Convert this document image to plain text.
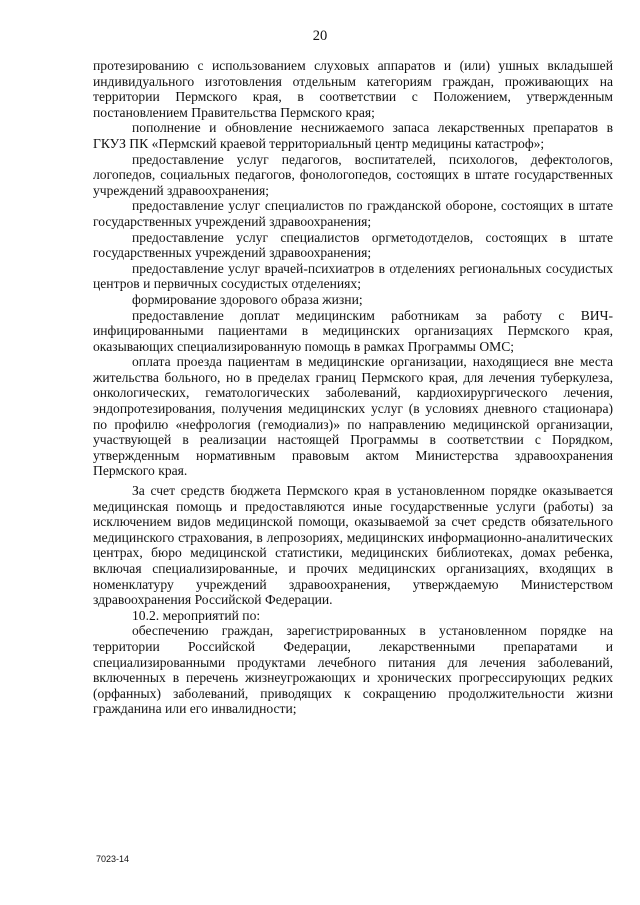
20

протезированию с использованием слуховых аппаратов и (или) ушных вкладышей индивидуального изготовления отдельным категориям граждан, проживающих на территории Пермского края, в соответствии с Положением, утвержденным постановлением Правительства Пермского края;

пополнение и обновление неснижаемого запаса лекарственных препаратов в ГКУЗ ПК «Пермский краевой территориальный центр медицины катастроф»;

предоставление услуг педагогов, воспитателей, психологов, дефектологов, логопедов, социальных педагогов, фонологопедов, состоящих в штате государственных учреждений здравоохранения;

предоставление услуг специалистов по гражданской обороне, состоящих в штате государственных учреждений здравоохранения;

предоставление услуг специалистов оргметодотделов, состоящих в штате государственных учреждений здравоохранения;

предоставление услуг врачей-психиатров в отделениях региональных сосудистых центров и первичных сосудистых отделениях;

формирование здорового образа жизни;

предоставление доплат медицинским работникам за работу с ВИЧ-инфицированными пациентами в медицинских организациях Пермского края, оказывающих специализированную помощь в рамках Программы ОМС;

оплата проезда пациентам в медицинские организации, находящиеся вне места жительства больного, но в пределах границ Пермского края, для лечения туберкулеза, онкологических, гематологических заболеваний, кардиохирургического лечения, эндопротезирования, получения медицинских услуг (в условиях дневного стационара) по профилю «нефрология (гемодиализ)» по направлению медицинской организации, участвующей в реализации настоящей Программы в соответствии с Порядком, утвержденным нормативным правовым актом Министерства здравоохранения Пермского края.

За счет средств бюджета Пермского края в установленном порядке оказывается медицинская помощь и предоставляются иные государственные услуги (работы) за исключением видов медицинской помощи, оказываемой за счет средств обязательного медицинского страхования, в лепрозориях, медицинских информационно-аналитических центрах, бюро медицинской статистики, медицинских библиотеках, домах ребенка, включая специализированные, и прочих медицинских организациях, входящих в номенклатуру учреждений здравоохранения, утверждаемую Министерством здравоохранения Российской Федерации.

10.2. мероприятий по:

обеспечению граждан, зарегистрированных в установленном порядке на территории Российской Федерации, лекарственными препаратами и специализированными продуктами лечебного питания для лечения заболеваний, включенных в перечень жизнеугрожающих и хронических прогрессирующих редких (орфанных) заболеваний, приводящих к сокращению продолжительности жизни гражданина или его инвалидности;

7023-14
